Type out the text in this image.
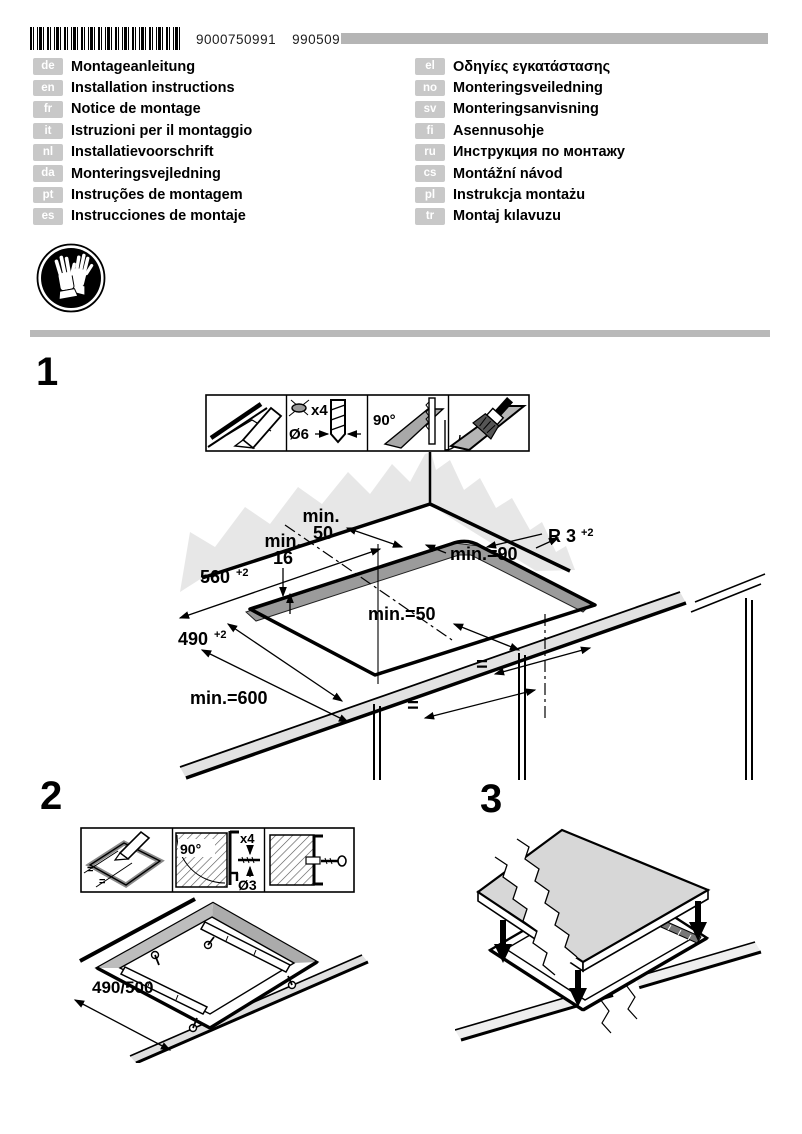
9000750991 990509
de	Montageanleitung
en	Installation instructions
fr	Notice de montage
it	Istruzioni per il montaggio
nl	Installatievoorschrift
da	Monteringsvejledning
pt	Instruções de montagem
es	Instrucciones de montaje
el	Οδηγίες εγκατάστασης
no	Monteringsveiledning
sv	Monteringsanvisning
fi	Asennusohje
ru	Инструкция по монтажу
cs	Montážní návod
pl	Instrukcja montażu
tr	Montaj kılavuzu
1
x4
Ø6
90°
min.
50
min.
16
R 3 +2
560 +2
min.=90
min.=50
490 +2
min.=600	=
=
2
=
=
90°
x4
Ø3
490/500
3
